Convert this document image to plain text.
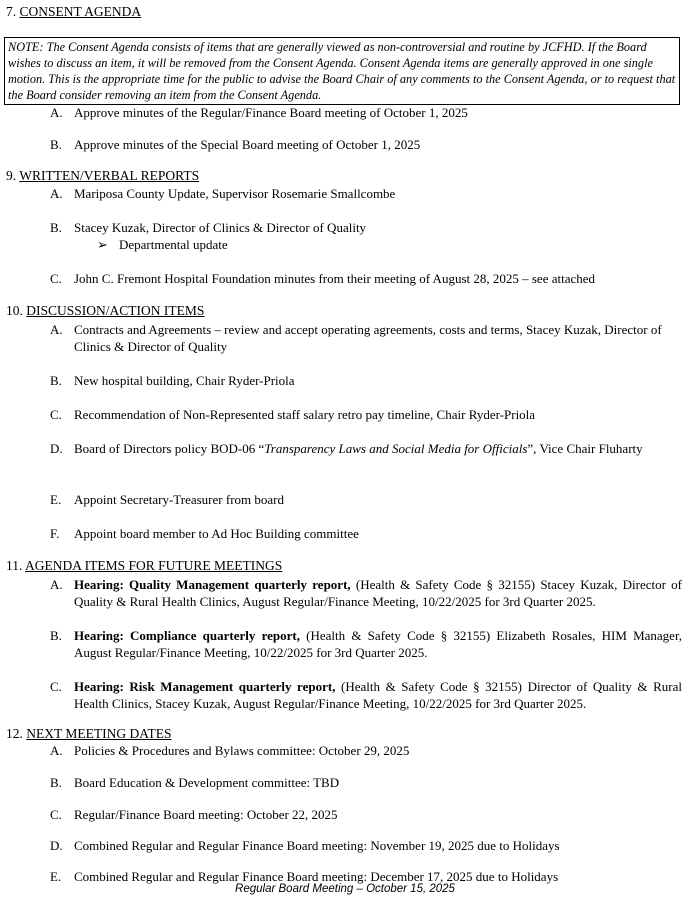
7. CONSENT AGENDA
NOTE: The Consent Agenda consists of items that are generally viewed as non-controversial and routine by JCFHD. If the Board wishes to discuss an item, it will be removed from the Consent Agenda. Consent Agenda items are generally approved in one single motion. This is the appropriate time for the public to advise the Board Chair of any comments to the Consent Agenda, or to request that the Board consider removing an item from the Consent Agenda.
A. Approve minutes of the Regular/Finance Board meeting of October 1, 2025
B. Approve minutes of the Special Board meeting of October 1, 2025
9. WRITTEN/VERBAL REPORTS
A. Mariposa County Update, Supervisor Rosemarie Smallcombe
B. Stacey Kuzak, Director of Clinics & Director of Quality
➢ Departmental update
C. John C. Fremont Hospital Foundation minutes from their meeting of August 28, 2025 – see attached
10. DISCUSSION/ACTION ITEMS
A. Contracts and Agreements – review and accept operating agreements, costs and terms, Stacey Kuzak, Director of Clinics & Director of Quality
B. New hospital building, Chair Ryder-Priola
C. Recommendation of Non-Represented staff salary retro pay timeline, Chair Ryder-Priola
D. Board of Directors policy BOD-06 “Transparency Laws and Social Media for Officials”, Vice Chair Fluharty
E. Appoint Secretary-Treasurer from board
F. Appoint board member to Ad Hoc Building committee
11. AGENDA ITEMS FOR FUTURE MEETINGS
A. Hearing: Quality Management quarterly report, (Health & Safety Code § 32155) Stacey Kuzak, Director of Quality & Rural Health Clinics, August Regular/Finance Meeting, 10/22/2025 for 3rd Quarter 2025.
B. Hearing: Compliance quarterly report, (Health & Safety Code § 32155) Elizabeth Rosales, HIM Manager, August Regular/Finance Meeting, 10/22/2025 for 3rd Quarter 2025.
C. Hearing: Risk Management quarterly report, (Health & Safety Code § 32155) Director of Quality & Rural Health Clinics, Stacey Kuzak, August Regular/Finance Meeting, 10/22/2025 for 3rd Quarter 2025.
12. NEXT MEETING DATES
A. Policies & Procedures and Bylaws committee: October 29, 2025
B. Board Education & Development committee: TBD
C. Regular/Finance Board meeting: October 22, 2025
D. Combined Regular and Regular Finance Board meeting: November 19, 2025 due to Holidays
E. Combined Regular and Regular Finance Board meeting: December 17, 2025 due to Holidays
Regular Board Meeting – October 15, 2025
